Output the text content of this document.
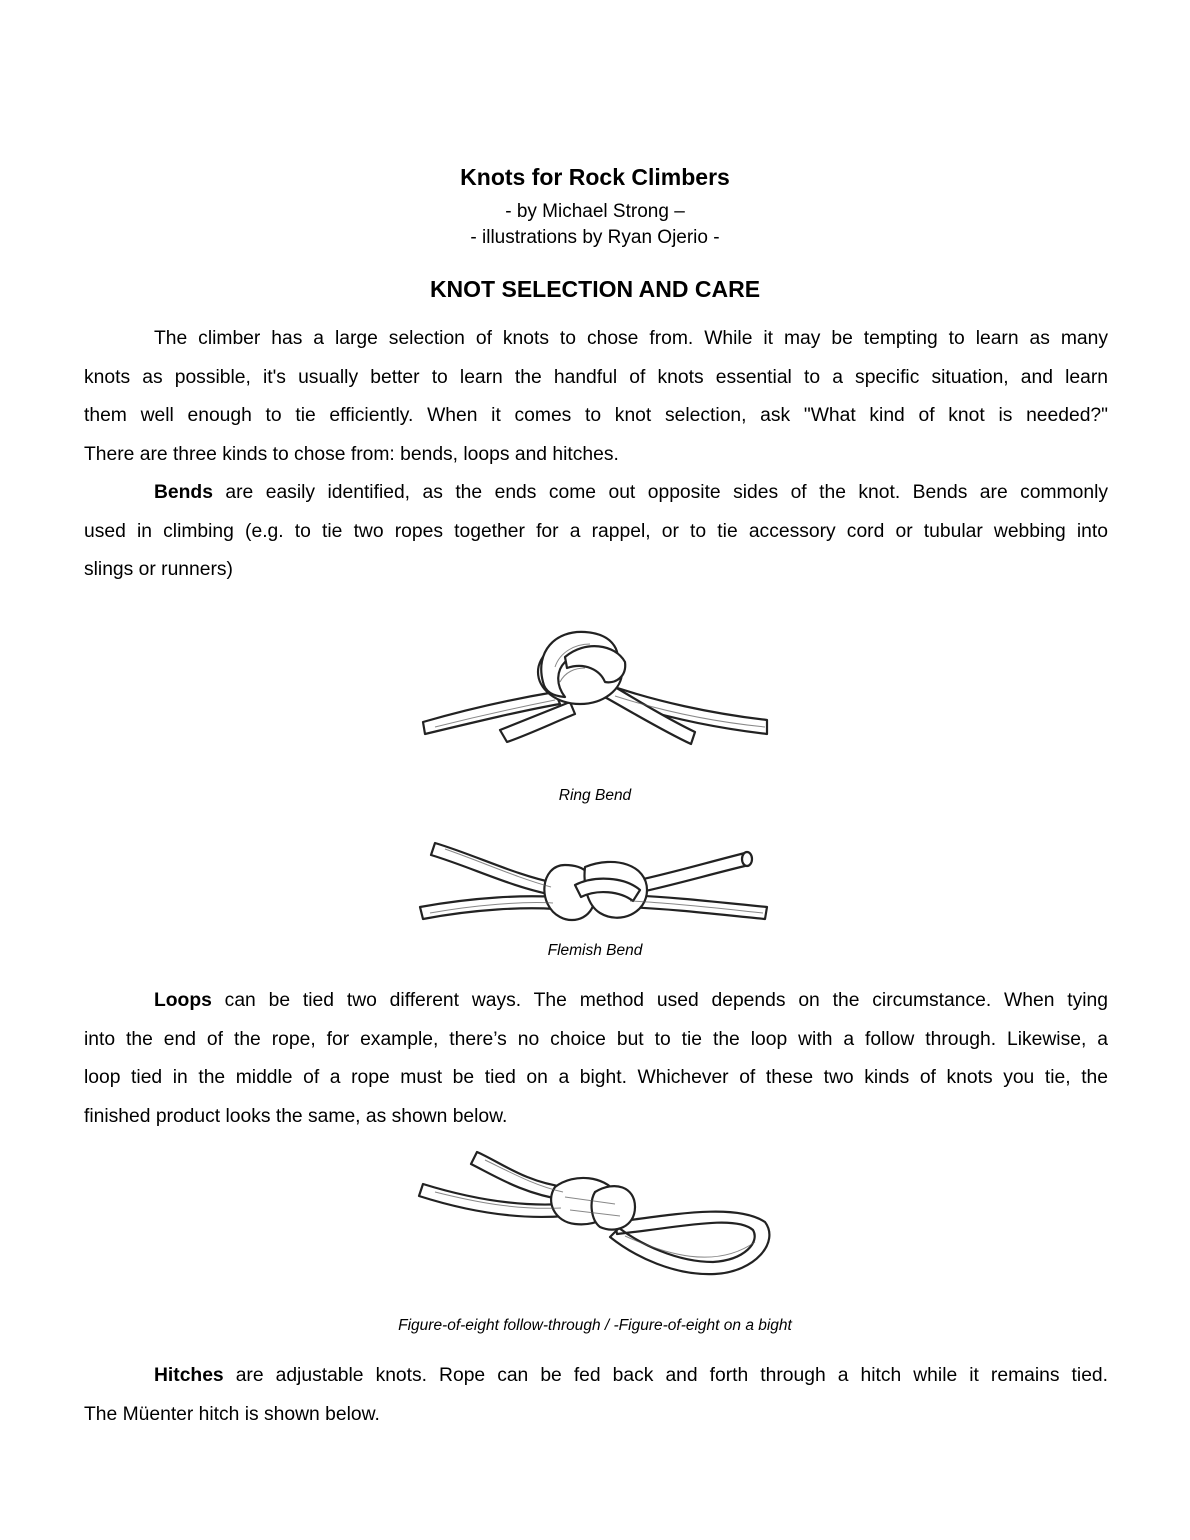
Knots for Rock Climbers
- by Michael Strong –
- illustrations by Ryan Ojerio -
KNOT SELECTION AND CARE
The climber has a large selection of knots to chose from. While it may be tempting to learn as many
knots as possible, it's usually better to learn the handful of knots essential to a specific situation, and learn
them well enough to tie efficiently. When it comes to knot selection, ask "What kind of knot is needed?"
There are three kinds to chose from: bends, loops and hitches.
Bends are easily identified, as the ends come out opposite sides of the knot. Bends are commonly
used in climbing (e.g. to tie two ropes together for a rappel, or to tie accessory cord or tubular webbing into
slings or runners)
Ring Bend
Flemish Bend
Loops can be tied two different ways. The method used depends on the circumstance. When tying
into the end of the rope, for example, there’s no choice but to tie the loop with a follow through. Likewise, a
loop tied in the middle of a rope must be tied on a bight. Whichever of these two kinds of knots you tie, the
finished product looks the same, as shown below.
Figure-of-eight follow-through / -Figure-of-eight on a bight
Hitches are adjustable knots. Rope can be fed back and forth through a hitch while it remains tied.
The Müenter hitch is shown below.
